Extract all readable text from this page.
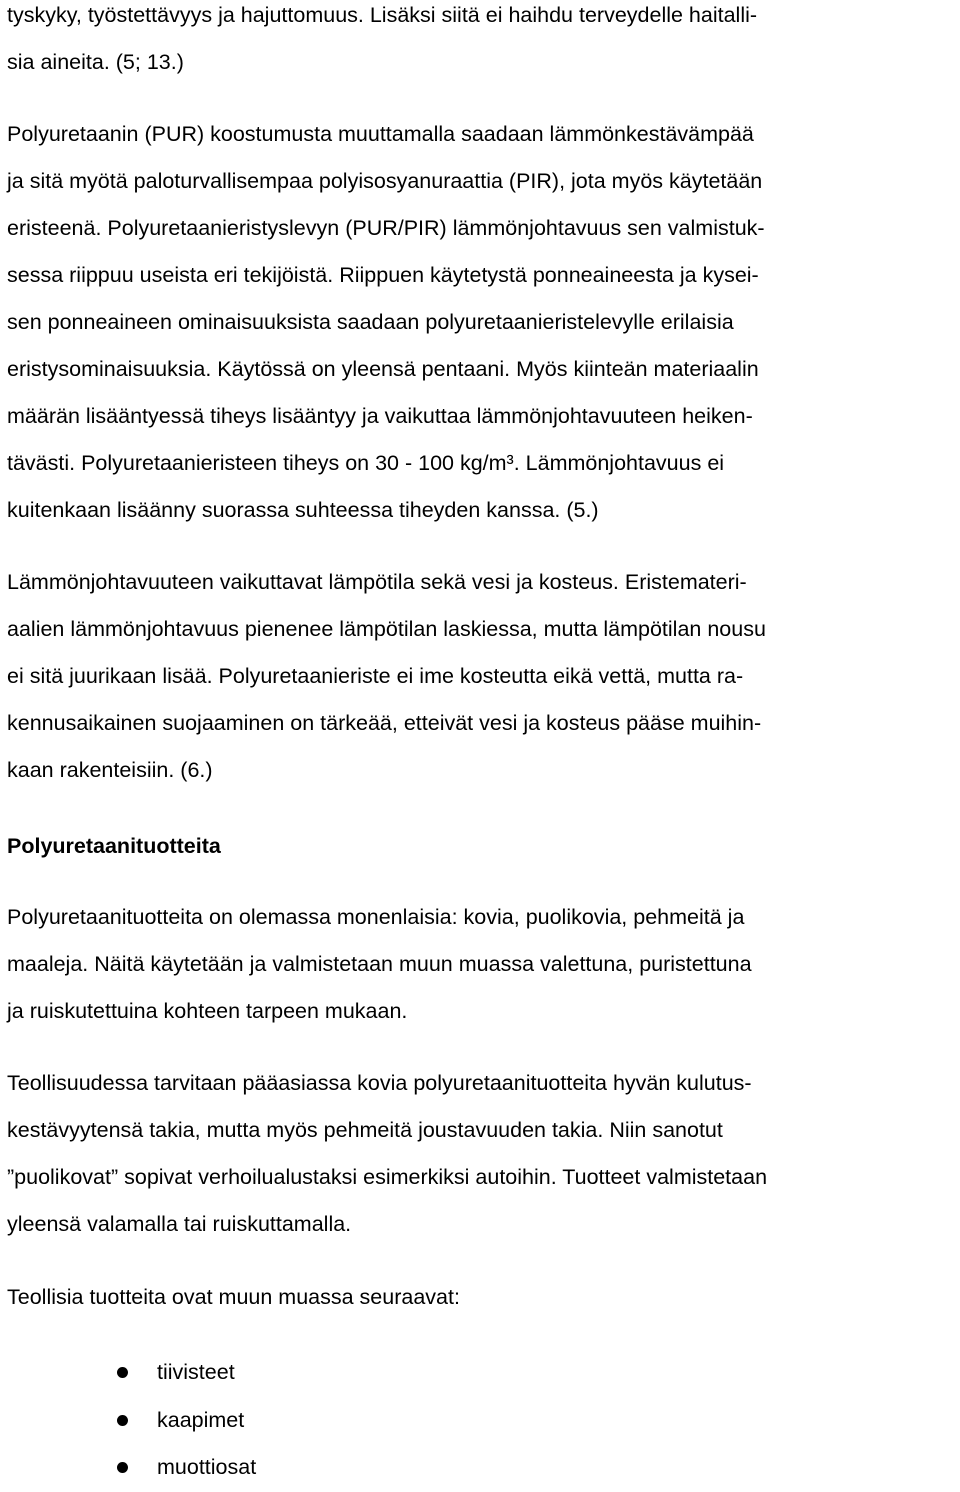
tyskyky, työstettävyys ja hajuttomuus. Lisäksi siitä ei haihdu terveydelle haitalli-
sia aineita. (5; 13.)
Polyuretaanin (PUR) koostumusta muuttamalla saadaan lämmönkestävämpää
ja sitä myötä paloturvallisempaa polyisosyanuraattia (PIR), jota myös käytetään
eristeenä. Polyuretaanieristyslevyn (PUR/PIR) lämmönjohtavuus sen valmistuk-
sessa riippuu useista eri tekijöistä. Riippuen käytetystä ponneaineesta ja kysei-
sen ponneaineen ominaisuuksista saadaan polyuretaanieristelevylle erilaisia
eristysominaisuuksia. Käytössä on yleensä pentaani. Myös kiinteän materiaalin
määrän lisääntyessä tiheys lisääntyy ja vaikuttaa lämmönjohtavuuteen heiken-
tävästi. Polyuretaanieristeen tiheys on 30 - 100 kg/m³. Lämmönjohtavuus ei
kuitenkaan lisäänny suorassa suhteessa tiheyden kanssa. (5.)
Lämmönjohtavuuteen vaikuttavat lämpötila sekä vesi ja kosteus. Eristemateri-
aalien lämmönjohtavuus pienenee lämpötilan laskiessa, mutta lämpötilan nousu
ei sitä juurikaan lisää. Polyuretaanieriste ei ime kosteutta eikä vettä, mutta ra-
kennusaikainen suojaaminen on tärkeää, etteivät vesi ja kosteus pääse muihin-
kaan rakenteisiin. (6.)
Polyuretaanituotteita
Polyuretaanituotteita on olemassa monenlaisia: kovia, puolikovia, pehmeitä ja
maaleja. Näitä käytetään ja valmistetaan muun muassa valettuna, puristettuna
ja ruiskutettuina kohteen tarpeen mukaan.
Teollisuudessa tarvitaan pääasiassa kovia polyuretaanituotteita hyvän kulutus-
kestävyytensä takia, mutta myös pehmeitä joustavuuden takia. Niin sanotut
”puolikovat” sopivat verhoilualustaksi esimerkiksi autoihin. Tuotteet valmistetaan
yleensä valamalla tai ruiskuttamalla.
Teollisia tuotteita ovat muun muassa seuraavat:
tiivisteet
kaapimet
muottiosat
